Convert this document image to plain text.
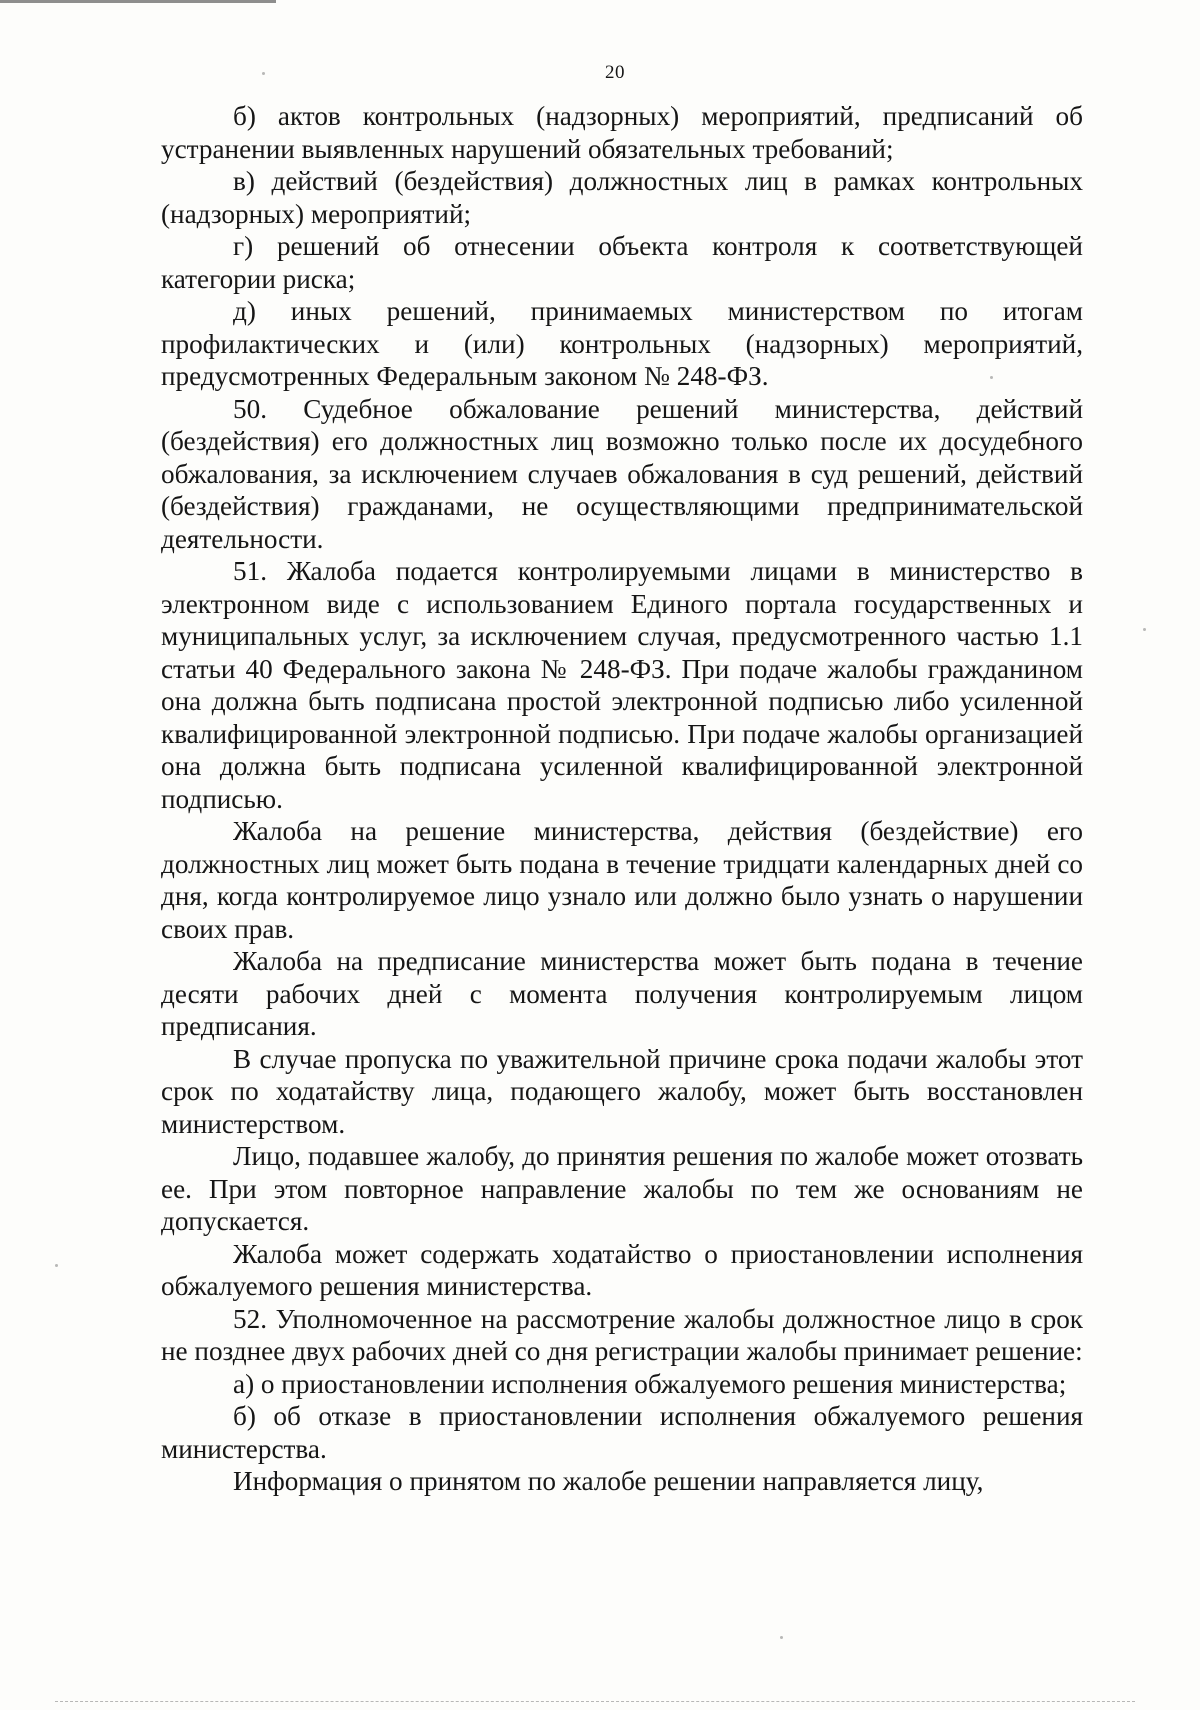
20

б) актов контрольных (надзорных) мероприятий, предписаний об устранении выявленных нарушений обязательных требований;

в) действий (бездействия) должностных лиц в рамках контрольных (надзорных) мероприятий;

г) решений об отнесении объекта контроля к соответствующей категории риска;

д) иных решений, принимаемых министерством по итогам профилактических и (или) контрольных (надзорных) мероприятий, предусмотренных Федеральным законом № 248-ФЗ.

50. Судебное обжалование решений министерства, действий (бездействия) его должностных лиц возможно только после их досудебного обжалования, за исключением случаев обжалования в суд решений, действий (бездействия) гражданами, не осуществляющими предпринимательской деятельности.

51. Жалоба подается контролируемыми лицами в министерство в электронном виде с использованием Единого портала государственных и муниципальных услуг, за исключением случая, предусмотренного частью 1.1 статьи 40 Федерального закона № 248-ФЗ. При подаче жалобы гражданином она должна быть подписана простой электронной подписью либо усиленной квалифицированной электронной подписью. При подаче жалобы организацией она должна быть подписана усиленной квалифицированной электронной подписью.

Жалоба на решение министерства, действия (бездействие) его должностных лиц может быть подана в течение тридцати календарных дней со дня, когда контролируемое лицо узнало или должно было узнать о нарушении своих прав.

Жалоба на предписание министерства может быть подана в течение десяти рабочих дней с момента получения контролируемым лицом предписания.

В случае пропуска по уважительной причине срока подачи жалобы этот срок по ходатайству лица, подающего жалобу, может быть восстановлен министерством.

Лицо, подавшее жалобу, до принятия решения по жалобе может отозвать ее. При этом повторное направление жалобы по тем же основаниям не допускается.

Жалоба может содержать ходатайство о приостановлении исполнения обжалуемого решения министерства.

52. Уполномоченное на рассмотрение жалобы должностное лицо в срок не позднее двух рабочих дней со дня регистрации жалобы принимает решение:

а) о приостановлении исполнения обжалуемого решения министерства;

б) об отказе в приостановлении исполнения обжалуемого решения министерства.

Информация о принятом по жалобе решении направляется лицу,
